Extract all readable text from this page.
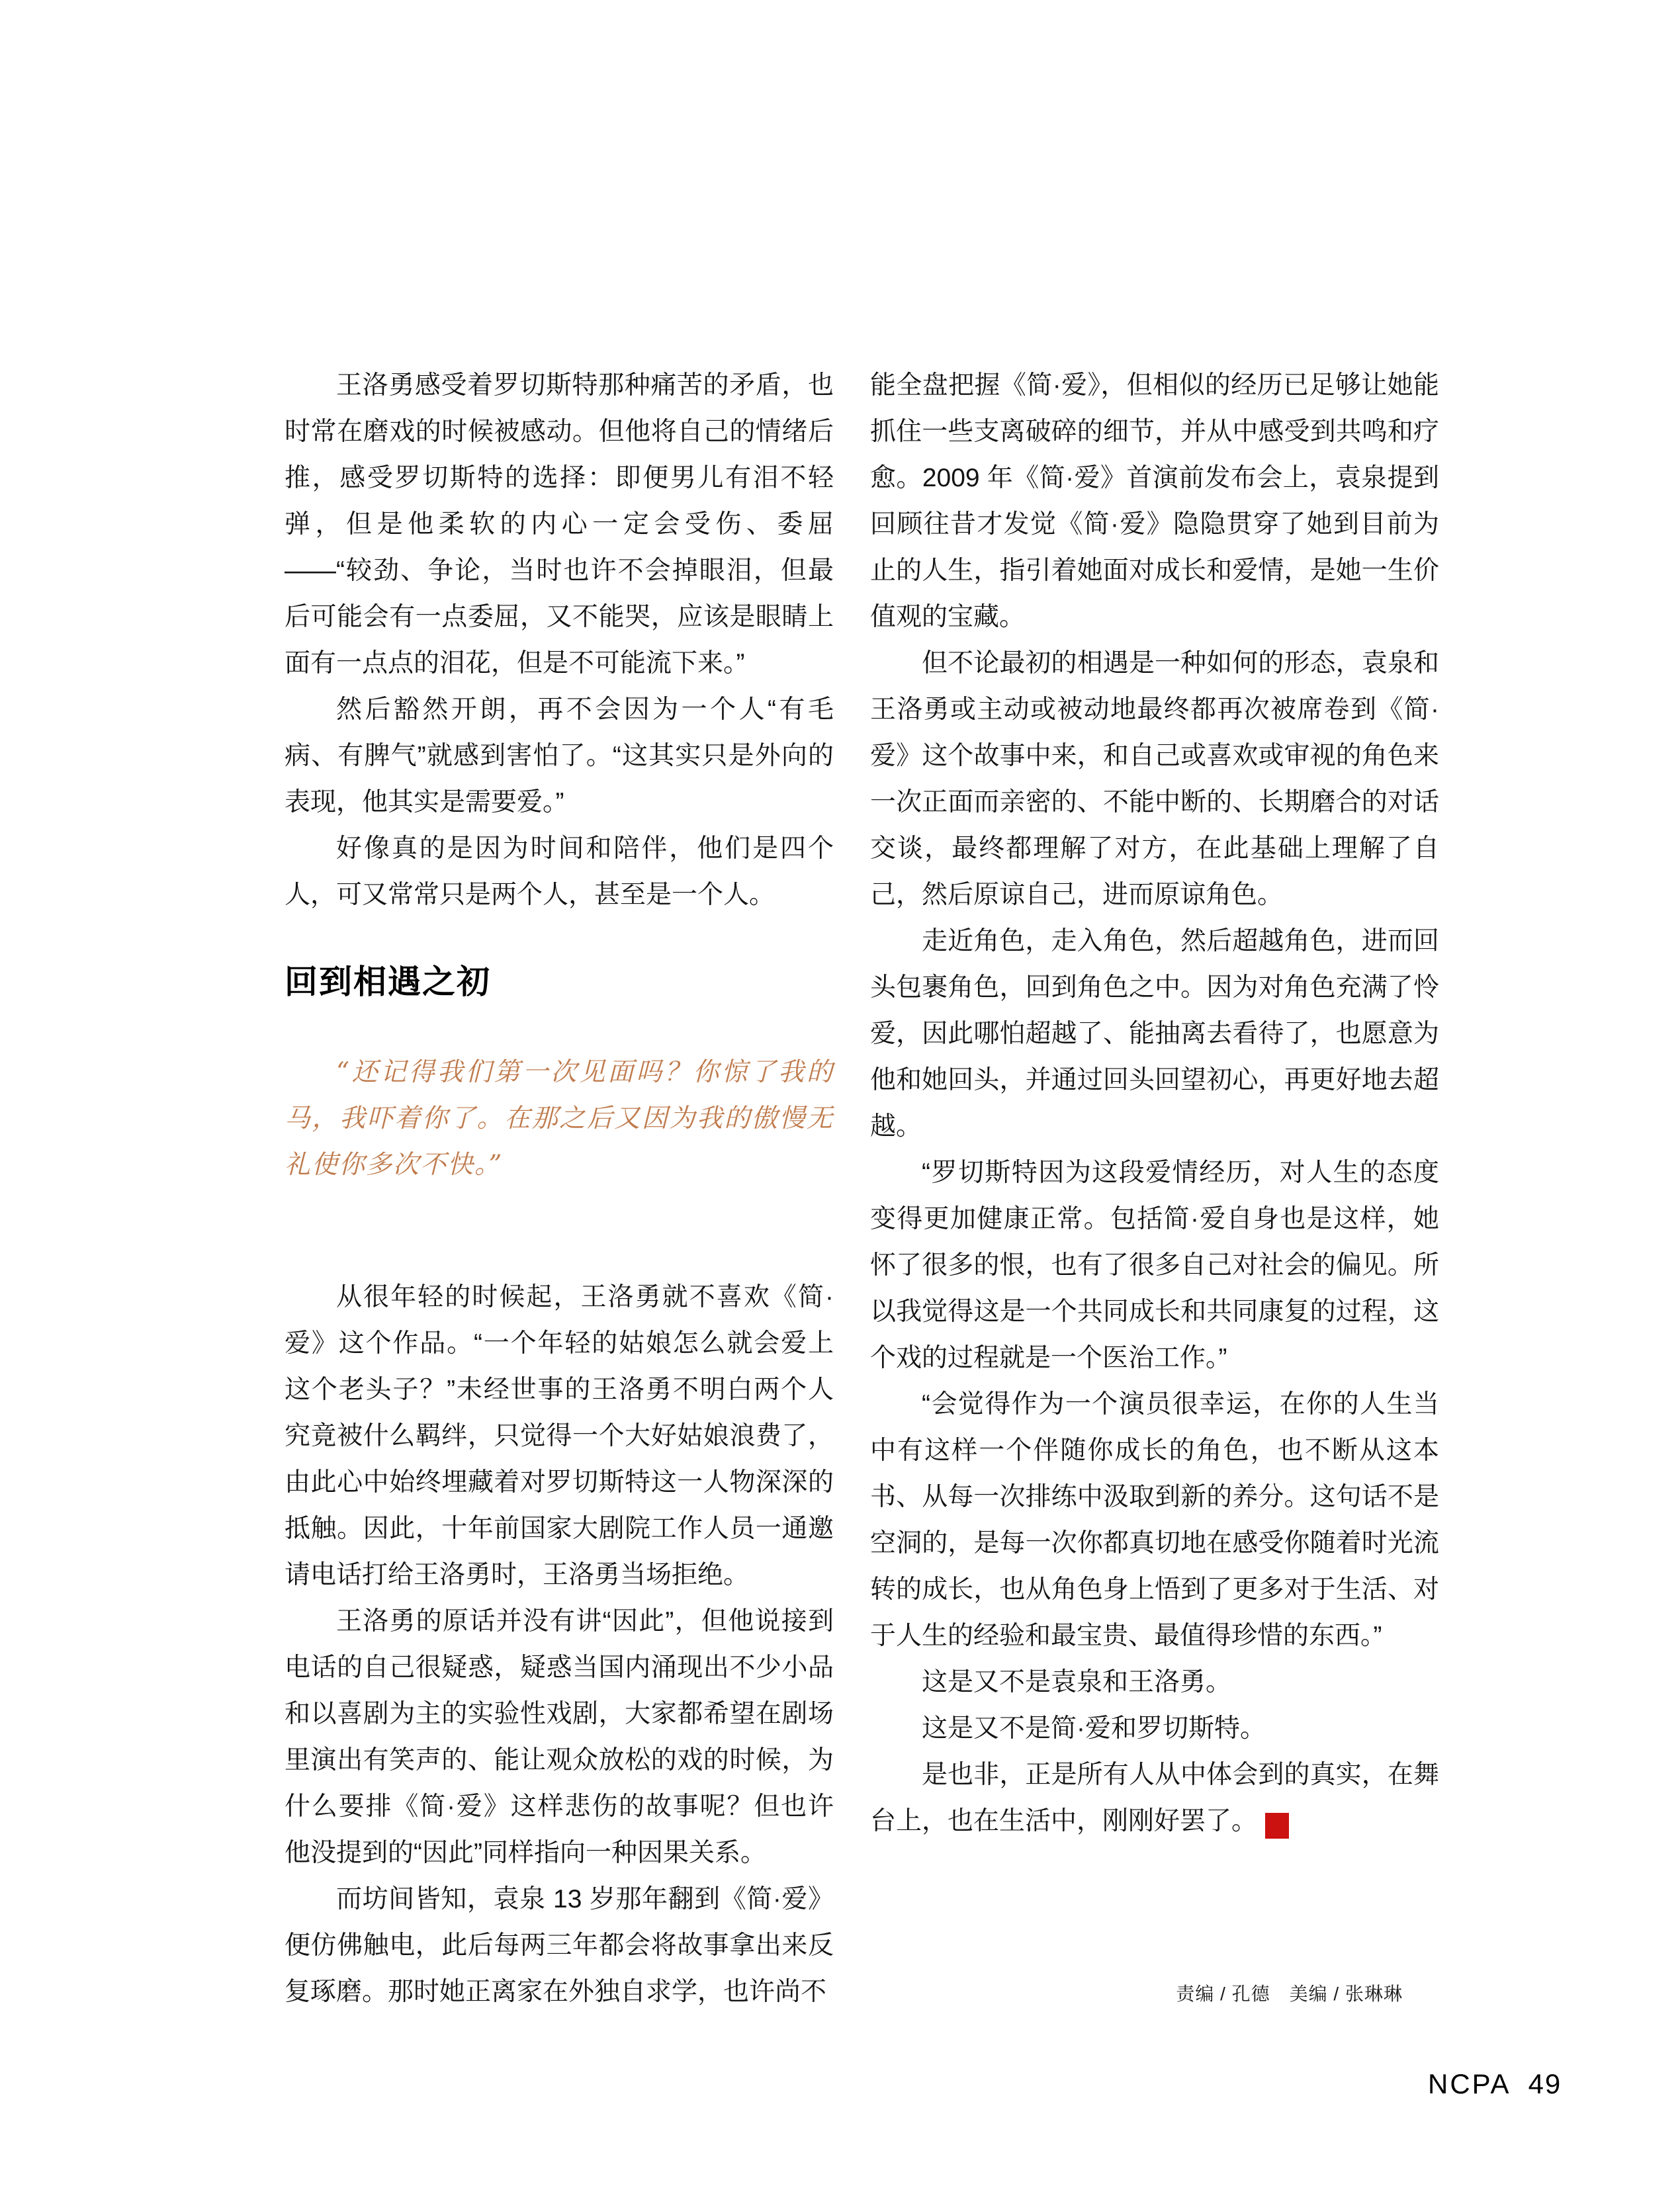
王洛勇感受着罗切斯特那种痛苦的矛盾，也时常在磨戏的时候被感动。但他将自己的情绪后推，感受罗切斯特的选择：即便男儿有泪不轻弹，但是他柔软的内心一定会受伤、委屈——“较劲、争论，当时也许不会掉眼泪，但最后可能会有一点委屈，又不能哭，应该是眼睛上面有一点点的泪花，但是不可能流下来。”

然后豁然开朗，再不会因为一个人“有毛病、有脾气”就感到害怕了。“这其实只是外向的表现，他其实是需要爱。”

好像真的是因为时间和陪伴，他们是四个人，可又常常只是两个人，甚至是一个人。

回到相遇之初

“还记得我们第一次见面吗？你惊了我的马，我吓着你了。在那之后又因为我的傲慢无礼使你多次不快。”

从很年轻的时候起，王洛勇就不喜欢《简·爱》这个作品。“一个年轻的姑娘怎么就会爱上这个老头子？”未经世事的王洛勇不明白两个人究竟被什么羁绊，只觉得一个大好姑娘浪费了，由此心中始终埋藏着对罗切斯特这一人物深深的抵触。因此，十年前国家大剧院工作人员一通邀请电话打给王洛勇时，王洛勇当场拒绝。

王洛勇的原话并没有讲“因此”，但他说接到电话的自己很疑惑，疑惑当国内涌现出不少小品和以喜剧为主的实验性戏剧，大家都希望在剧场里演出有笑声的、能让观众放松的戏的时候，为什么要排《简·爱》这样悲伤的故事呢？但也许他没提到的“因此”同样指向一种因果关系。

而坊间皆知，袁泉 13 岁那年翻到《简·爱》便仿佛触电，此后每两三年都会将故事拿出来反复琢磨。那时她正离家在外独自求学，也许尚不

能全盘把握《简·爱》，但相似的经历已足够让她能抓住一些支离破碎的细节，并从中感受到共鸣和疗愈。2009 年《简·爱》首演前发布会上，袁泉提到回顾往昔才发觉《简·爱》隐隐贯穿了她到目前为止的人生，指引着她面对成长和爱情，是她一生价值观的宝藏。

但不论最初的相遇是一种如何的形态，袁泉和王洛勇或主动或被动地最终都再次被席卷到《简·爱》这个故事中来，和自己或喜欢或审视的角色来一次正面而亲密的、不能中断的、长期磨合的对话交谈，最终都理解了对方，在此基础上理解了自己，然后原谅自己，进而原谅角色。

走近角色，走入角色，然后超越角色，进而回头包裹角色，回到角色之中。因为对角色充满了怜爱，因此哪怕超越了、能抽离去看待了，也愿意为他和她回头，并通过回头回望初心，再更好地去超越。

“罗切斯特因为这段爱情经历，对人生的态度变得更加健康正常。包括简·爱自身也是这样，她怀了很多的恨，也有了很多自己对社会的偏见。所以我觉得这是一个共同成长和共同康复的过程，这个戏的过程就是一个医治工作。”

“会觉得作为一个演员很幸运，在你的人生当中有这样一个伴随你成长的角色，也不断从这本书、从每一次排练中汲取到新的养分。这句话不是空洞的，是每一次你都真切地在感受你随着时光流转的成长，也从角色身上悟到了更多对于生活、对于人生的经验和最宝贵、最值得珍惜的东西。”

这是又不是袁泉和王洛勇。

这是又不是简·爱和罗切斯特。

是也非，正是所有人从中体会到的真实，在舞台上，也在生活中，刚刚好罢了。 $\frac{NC}{PA}$

责编 / 孔德　美编 / 张琳琳
NCPA 49
